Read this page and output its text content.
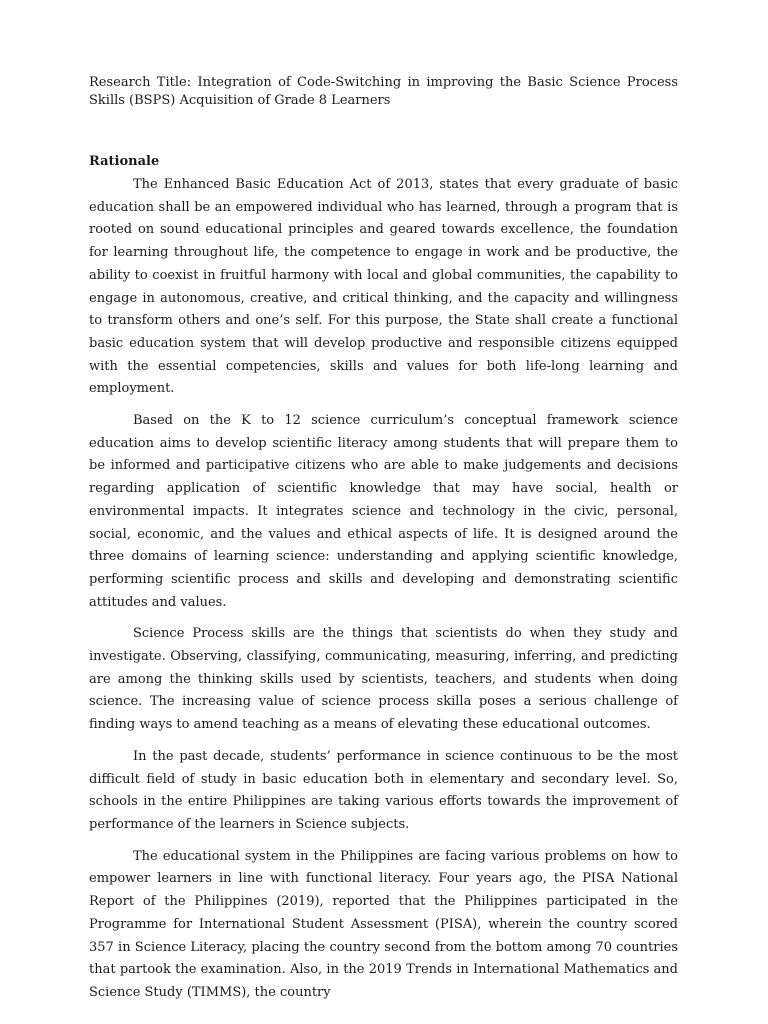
Research Title: Integration of Code-Switching in improving the Basic Science Process Skills (BSPS) Acquisition of Grade 8 Learners

Rationale

The Enhanced Basic Education Act of 2013, states that every graduate of basic education shall be an empowered individual who has learned, through a program that is rooted on sound educational principles and geared towards excellence, the foundation for learning throughout life, the competence to engage in work and be productive, the ability to coexist in fruitful harmony with local and global communities, the capability to engage in autonomous, creative, and critical thinking, and the capacity and willingness to transform others and one’s self. For this purpose, the State shall create a functional basic education system that will develop productive and responsible citizens equipped with the essential competencies, skills and values for both life-long learning and employment.

Based on the K to 12 science curriculum’s conceptual framework science education aims to develop scientific literacy among students that will prepare them to be informed and participative citizens who are able to make judgements and decisions regarding application of scientific knowledge that may have social, health or environmental impacts. It integrates science and technology in the civic, personal, social, economic, and the values and ethical aspects of life. It is designed around the three domains of learning science: understanding and applying scientific knowledge, performing scientific process and skills and developing and demonstrating scientific attitudes and values.

Science Process skills are the things that scientists do when they study and investigate. Observing, classifying, communicating, measuring, inferring, and predicting are among the thinking skills used by scientists, teachers, and students when doing science. The increasing value of science process skilla poses a serious challenge of finding ways to amend teaching as a means of elevating these educational outcomes.

In the past decade, students’ performance in science continuous to be the most difficult field of study in basic education both in elementary and secondary level. So, schools in the entire Philippines are taking various efforts towards the improvement of performance of the learners in Science subjects.

The educational system in the Philippines are facing various problems on how to empower learners in line with functional literacy. Four years ago, the PISA National Report of the Philippines (2019), reported that the Philippines participated in the Programme for International Student Assessment (PISA), wherein the country scored 357 in Science Literacy, placing the country second from the bottom among 70 countries that partook the examination. Also, in the 2019 Trends in International Mathematics and Science Study (TIMMS), the country
